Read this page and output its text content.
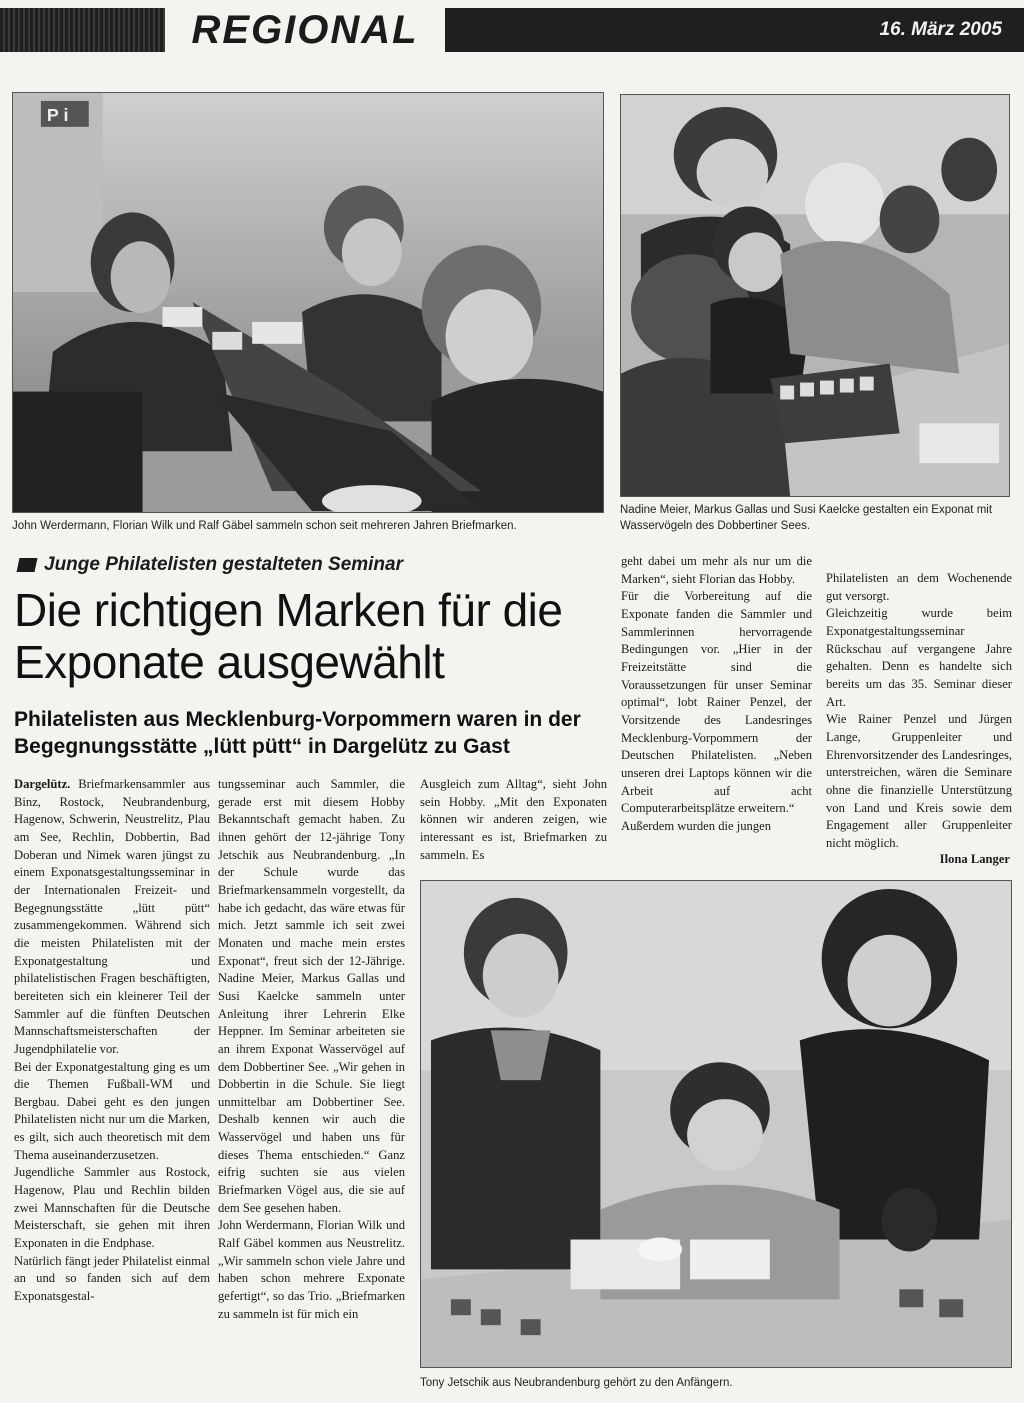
REGIONAL	16. März 2005
P i
John Werdermann, Florian Wilk und Ralf Gäbel sammeln schon seit mehreren Jahren Briefmarken.
Nadine Meier, Markus Gallas und Susi Kaelcke gestalten ein Exponat mit Wasservögeln des Dobbertiner Sees.
Junge Philatelisten gestalteten Seminar
Die richtigen Marken für die Exponate ausgewählt
Philatelisten aus Mecklenburg-Vorpommern waren in der Begegnungsstätte „lütt pütt“ in Dargelütz zu Gast

Dargelütz. Briefmarkensammler aus Binz, Rostock, Neubrandenburg, Hagenow, Schwerin, Neustrelitz, Plau am See, Rechlin, Dobbertin, Bad Doberan und Nimek waren jüngst zu einem Exponatsgestaltungsseminar in der Internationalen Freizeit- und Begegnungsstätte „lütt pütt“ zusammengekommen. Während sich die meisten Philatelisten mit der Exponatgestaltung und philatelistischen Fragen beschäftigten, bereiteten sich ein kleinerer Teil der Sammler auf die fünften Deutschen Mannschaftsmeisterschaften der Jugendphilatelie vor.

Bei der Exponatgestaltung ging es um die Themen Fußball-WM und Bergbau. Dabei geht es den jungen Philatelisten nicht nur um die Marken, es gilt, sich auch theoretisch mit dem Thema auseinanderzusetzen.

Jugendliche Sammler aus Rostock, Hagenow, Plau und Rechlin bilden zwei Mannschaften für die Deutsche Meisterschaft, sie gehen mit ihren Exponaten in die Endphase.

Natürlich fängt jeder Philatelist einmal an und so fanden sich auf dem Exponatsgestal-

tungsseminar auch Sammler, die gerade erst mit diesem Hobby Bekanntschaft gemacht haben. Zu ihnen gehört der 12-jährige Tony Jetschik aus Neubrandenburg. „In der Schule wurde das Briefmarkensammeln vorgestellt, da habe ich gedacht, das wäre etwas für mich. Jetzt sammle ich seit zwei Monaten und mache mein erstes Exponat“, freut sich der 12-Jährige. Nadine Meier, Markus Gallas und Susi Kaelcke sammeln unter Anleitung ihrer Lehrerin Elke Heppner. Im Seminar arbeiteten sie an ihrem Exponat Wasservögel auf dem Dobbertiner See. „Wir gehen in Dobbertin in die Schule. Sie liegt unmittelbar am Dobbertiner See. Deshalb kennen wir auch die Wasservögel und haben uns für dieses Thema entschieden.“ Ganz eifrig suchten sie aus vielen Briefmarken Vögel aus, die sie auf dem See gesehen haben.

John Werdermann, Florian Wilk und Ralf Gäbel kommen aus Neustrelitz. „Wir sammeln schon viele Jahre und haben schon mehrere Exponate gefertigt“, so das Trio. „Briefmarken zu sammeln ist für mich ein

Ausgleich zum Alltag“, sieht John sein Hobby. „Mit den Exponaten können wir anderen zeigen, wie interessant es ist, Briefmarken zu sammeln. Es

geht dabei um mehr als nur um die Marken“, sieht Florian das Hobby.

Für die Vorbereitung auf die Exponate fanden die Sammler und Sammlerinnen hervorragende Bedingungen vor. „Hier in der Freizeitstätte sind die Voraussetzungen für unser Seminar optimal“, lobt Rainer Penzel, der Vorsitzende des Landesringes Mecklenburg-Vorpommern der Deutschen Philatelisten. „Neben unseren drei Laptops können wir die Arbeit auf acht Computerarbeitsplätze erweitern.“

Außerdem wurden die jungen

Philatelisten an dem Wochenende gut versorgt.

Gleichzeitig wurde beim Exponatgestaltungsseminar Rückschau auf vergangene Jahre gehalten. Denn es handelte sich bereits um das 35. Seminar dieser Art.

Wie Rainer Penzel und Jürgen Lange, Gruppenleiter und Ehrenvorsitzender des Landesringes, unterstreichen, wären die Seminare ohne die finanzielle Unterstützung von Land und Kreis sowie dem Engagement aller Gruppenleiter nicht möglich.

Ilona Langer
Tony Jetschik aus Neubrandenburg gehört zu den Anfängern.
